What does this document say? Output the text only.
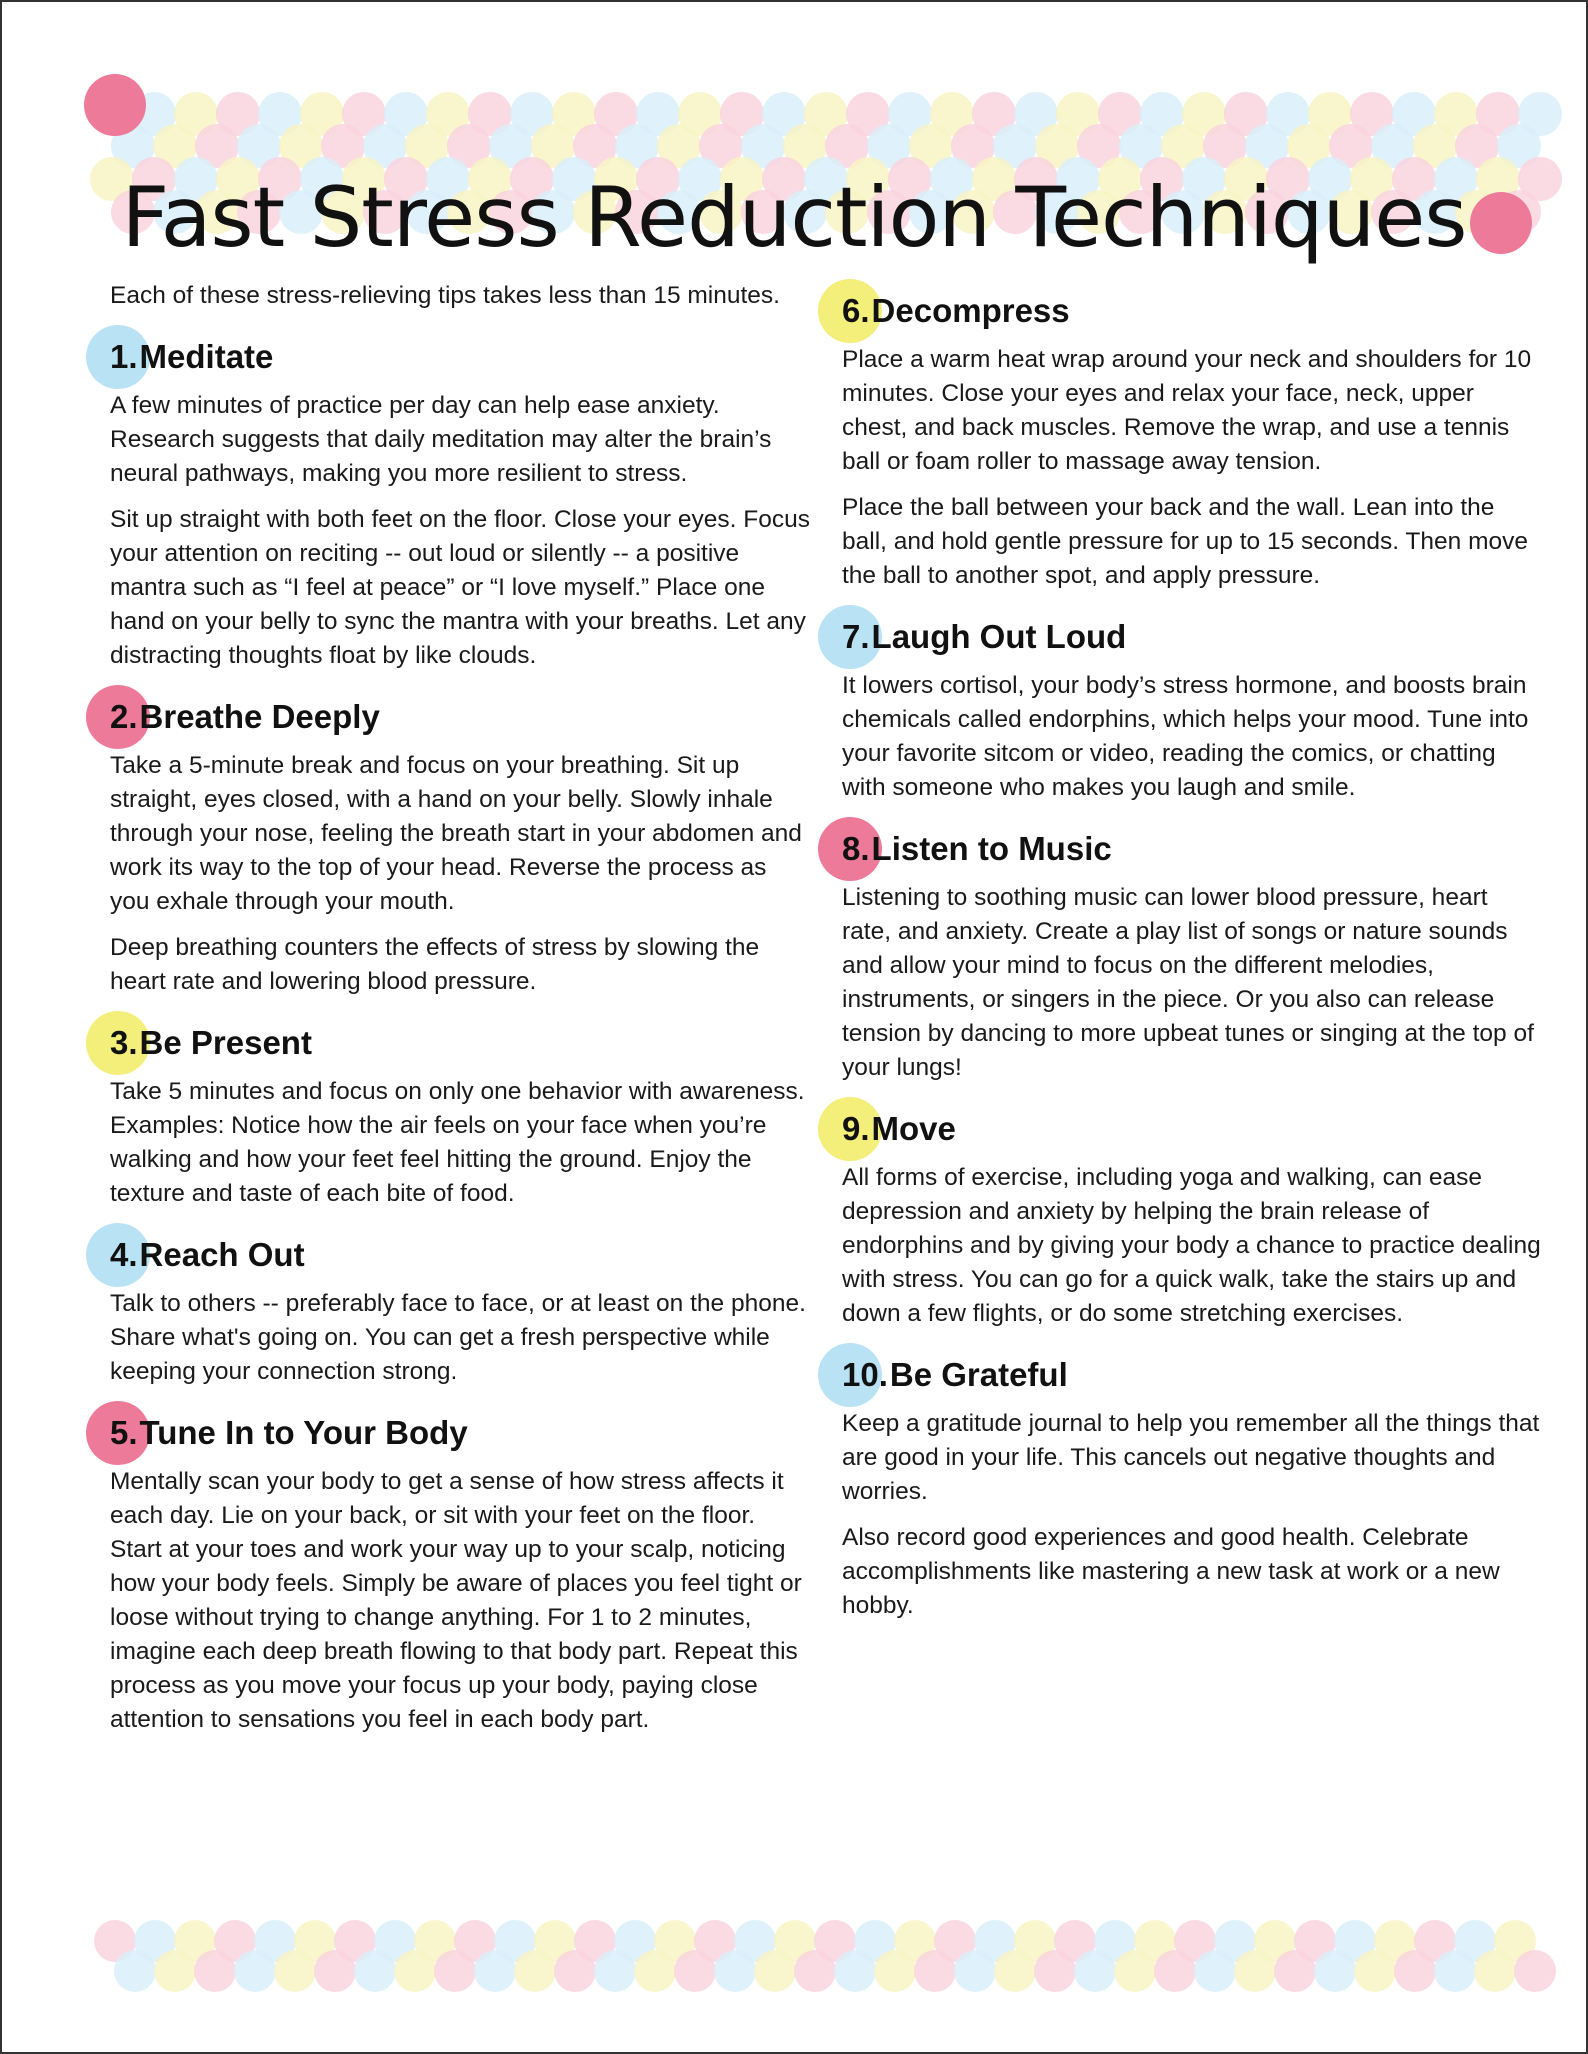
Fast Stress Reduction Techniques

Each of these stress-relieving tips takes less than 15 minutes.

1.Meditate

A few minutes of practice per day can help ease anxiety. Research suggests that daily meditation may alter the brain’s neural pathways, making you more resilient to stress.

Sit up straight with both feet on the floor. Close your eyes. Focus your attention on reciting -- out loud or silently -- a positive mantra such as “I feel at peace” or “I love myself.” Place one hand on your belly to sync the mantra with your breaths. Let any distracting thoughts float by like clouds.

2.Breathe Deeply

Take a 5-minute break and focus on your breathing. Sit up straight, eyes closed, with a hand on your belly. Slowly inhale through your nose, feeling the breath start in your abdomen and work its way to the top of your head. Reverse the process as you exhale through your mouth.

Deep breathing counters the effects of stress by slowing the heart rate and lowering blood pressure.

3.Be Present

Take 5 minutes and focus on only one behavior with awareness. Examples: Notice how the air feels on your face when you’re walking and how your feet feel hitting the ground. Enjoy the texture and taste of each bite of food.

4.Reach Out

Talk to others -- preferably face to face, or at least on the phone. Share what's going on. You can get a fresh perspective while keeping your connection strong.

5.Tune In to Your Body

Mentally scan your body to get a sense of how stress affects it each day. Lie on your back, or sit with your feet on the floor. Start at your toes and work your way up to your scalp, noticing how your body feels. Simply be aware of places you feel tight or loose without trying to change anything. For 1 to 2 minutes, imagine each deep breath flowing to that body part. Repeat this process as you move your focus up your body, paying close attention to sensations you feel in each body part.

6.Decompress

Place a warm heat wrap around your neck and shoulders for 10 minutes. Close your eyes and relax your face, neck, upper chest, and back muscles. Remove the wrap, and use a tennis ball or foam roller to massage away tension.

Place the ball between your back and the wall. Lean into the ball, and hold gentle pressure for up to 15 seconds. Then move the ball to another spot, and apply pressure.

7.Laugh Out Loud

It lowers cortisol, your body’s stress hormone, and boosts brain chemicals called endorphins, which helps your mood. Tune into your favorite sitcom or video, reading the comics, or chatting with someone who makes you laugh and smile.

8.Listen to Music

Listening to soothing music can lower blood pressure, heart rate, and anxiety. Create a play list of songs or nature sounds and allow your mind to focus on the different melodies, instruments, or singers in the piece. Or you also can release tension by dancing to more upbeat tunes or singing at the top of your lungs!

9.Move

All forms of exercise, including yoga and walking, can ease depression and anxiety by helping the brain release of endorphins and by giving your body a chance to practice dealing with stress. You can go for a quick walk, take the stairs up and down a few flights, or do some stretching exercises.

10.Be Grateful

Keep a gratitude journal to help you remember all the things that are good in your life. This cancels out negative thoughts and worries.

Also record good experiences and good health. Celebrate accomplishments like mastering a new task at work or a new hobby.
